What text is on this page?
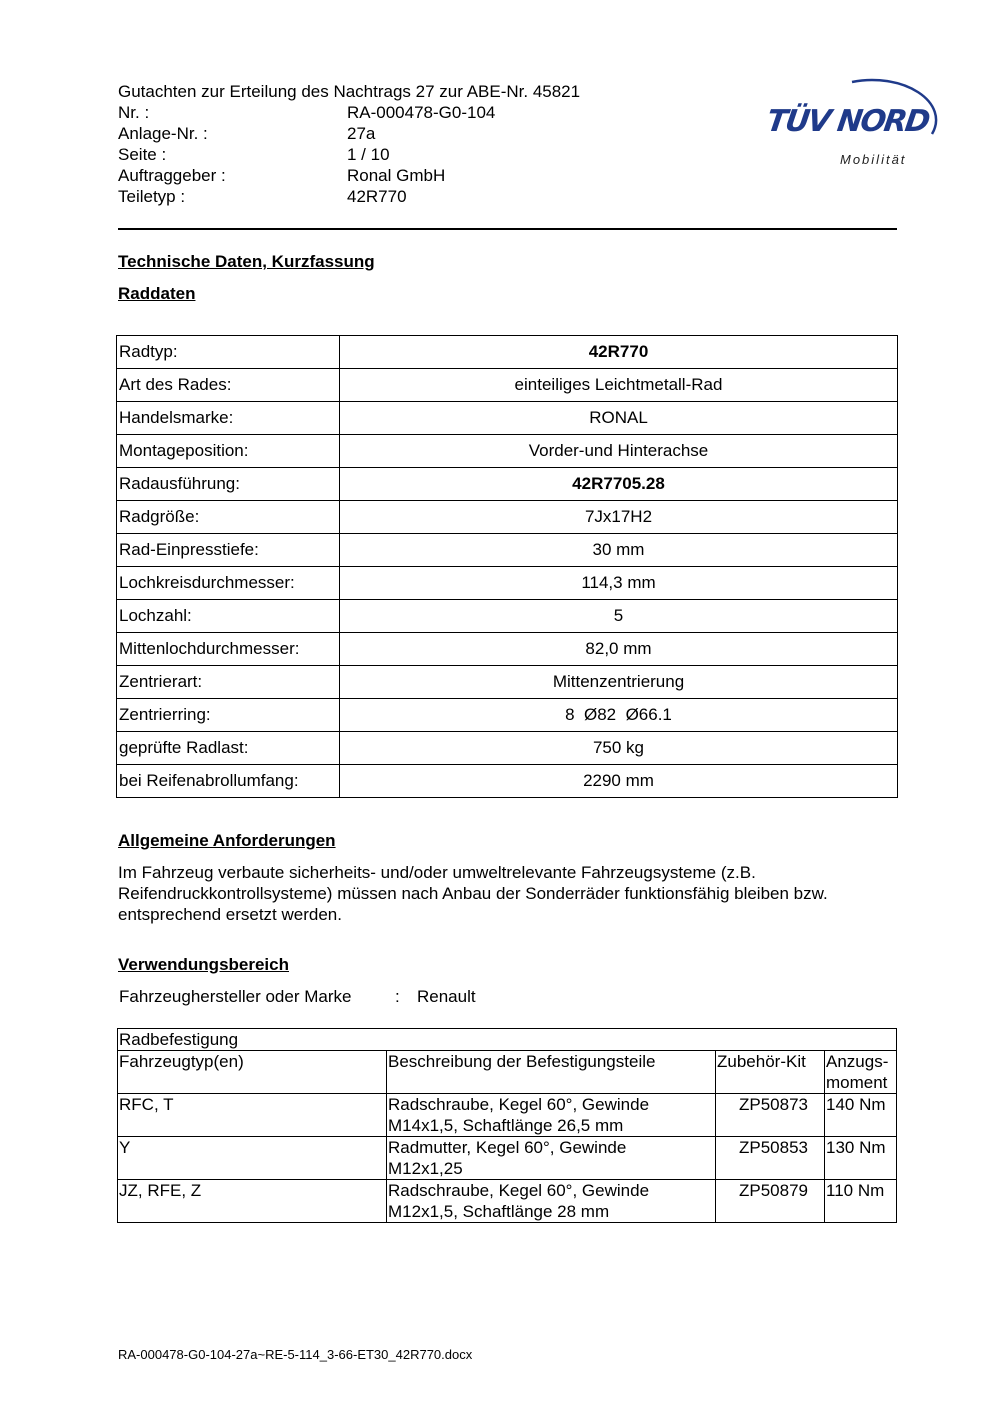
Gutachten zur Erteilung des Nachtrags 27 zur ABE-Nr. 45821
Nr. :	RA-000478-G0-104
Anlage-Nr. :	27a
Seite :	1 / 10
Auftraggeber :	Ronal GmbH
Teiletyp :	42R770
TÜV NORD
Mobilität
Technische Daten, Kurzfassung
Raddaten
Radtyp:	42R770
Art des Rades:	einteiliges Leichtmetall-Rad
Handelsmarke:	RONAL
Montageposition:	Vorder-und Hinterachse
Radausführung:	42R7705.28
Radgröße:	7Jx17H2
Rad-Einpresstiefe:	30 mm
Lochkreisdurchmesser:	114,3 mm
Lochzahl:	5
Mittenlochdurchmesser:	82,0 mm
Zentrierart:	Mittenzentrierung
Zentrierring:	8  Ø82  Ø66.1
geprüfte Radlast:	750 kg
bei Reifenabrollumfang:	2290 mm
Allgemeine Anforderungen
Im Fahrzeug verbaute sicherheits- und/oder umweltrelevante Fahrzeugsysteme (z.B.
Reifendruckkontrollsysteme) müssen nach Anbau der Sonderräder funktionsfähig bleiben bzw.
entsprechend ersetzt werden.
Verwendungsbereich
Fahrzeughersteller oder Marke	:	Renault
Radbefestigung			
Fahrzeugtyp(en)	Beschreibung der Befestigungsteile	Zubehör-Kit	Anzugs-
moment

RFC, T	Radschraube, Kegel 60°, Gewinde
M14x1,5, Schaftlänge 26,5 mm	ZP50873	140 Nm
Y	Radmutter, Kegel 60°, Gewinde
M12x1,25	ZP50853	130 Nm
JZ, RFE, Z	Radschraube, Kegel 60°, Gewinde
M12x1,5, Schaftlänge 28 mm	ZP50879	110 Nm
RA-000478-G0-104-27a~RE-5-114_3-66-ET30_42R770.docx
